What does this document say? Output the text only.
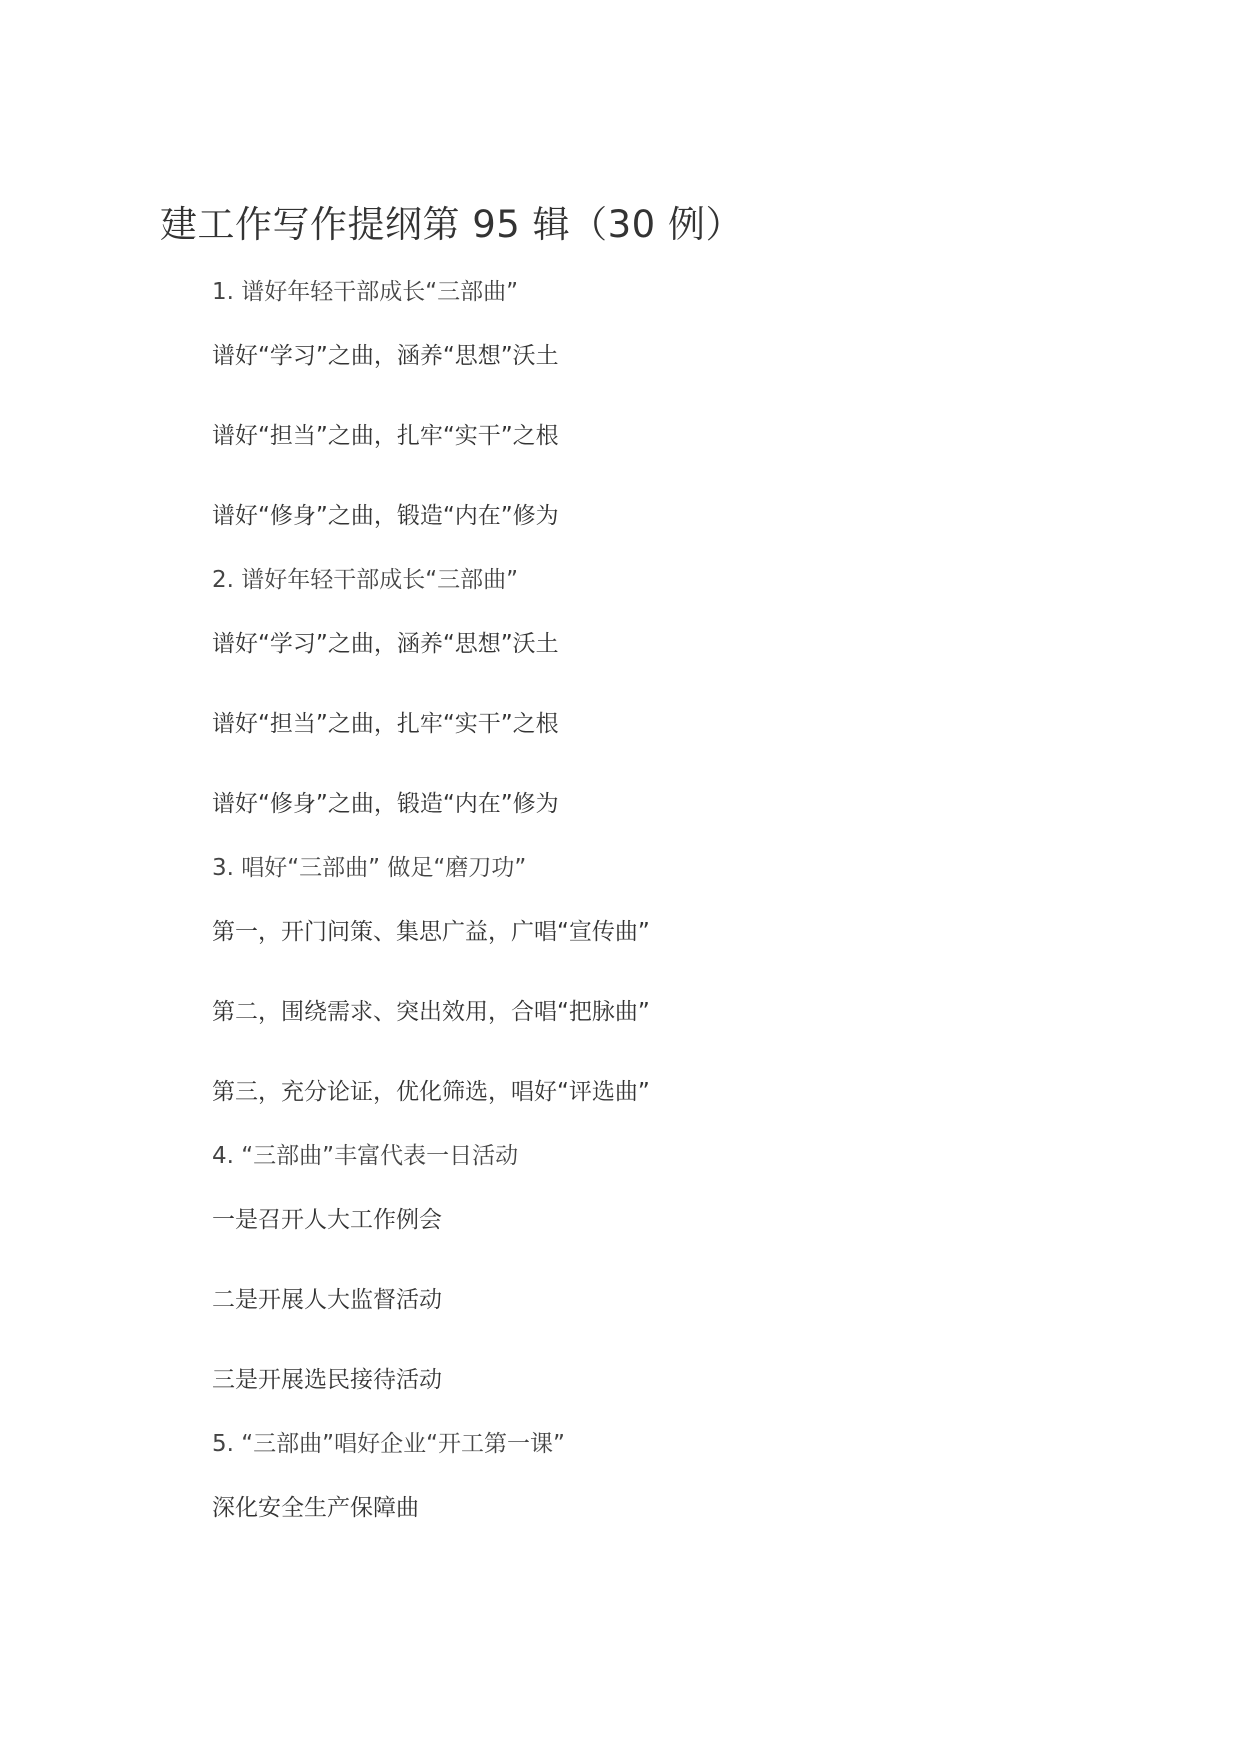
建工作写作提纲第 95 辑（30 例）
1. 谱好年轻干部成长“三部曲”
谱好“学习”之曲，涵养“思想”沃土
谱好“担当”之曲，扎牢“实干”之根
谱好“修身”之曲，锻造“内在”修为
2. 谱好年轻干部成长“三部曲”
谱好“学习”之曲，涵养“思想”沃土
谱好“担当”之曲，扎牢“实干”之根
谱好“修身”之曲，锻造“内在”修为
3. 唱好“三部曲” 做足“磨刀功”
第一，开门问策、集思广益，广唱“宣传曲”
第二，围绕需求、突出效用，合唱“把脉曲”
第三，充分论证，优化筛选，唱好“评选曲”
4. “三部曲”丰富代表一日活动
一是召开人大工作例会
二是开展人大监督活动
三是开展选民接待活动
5. “三部曲”唱好企业“开工第一课”
深化安全生产保障曲
